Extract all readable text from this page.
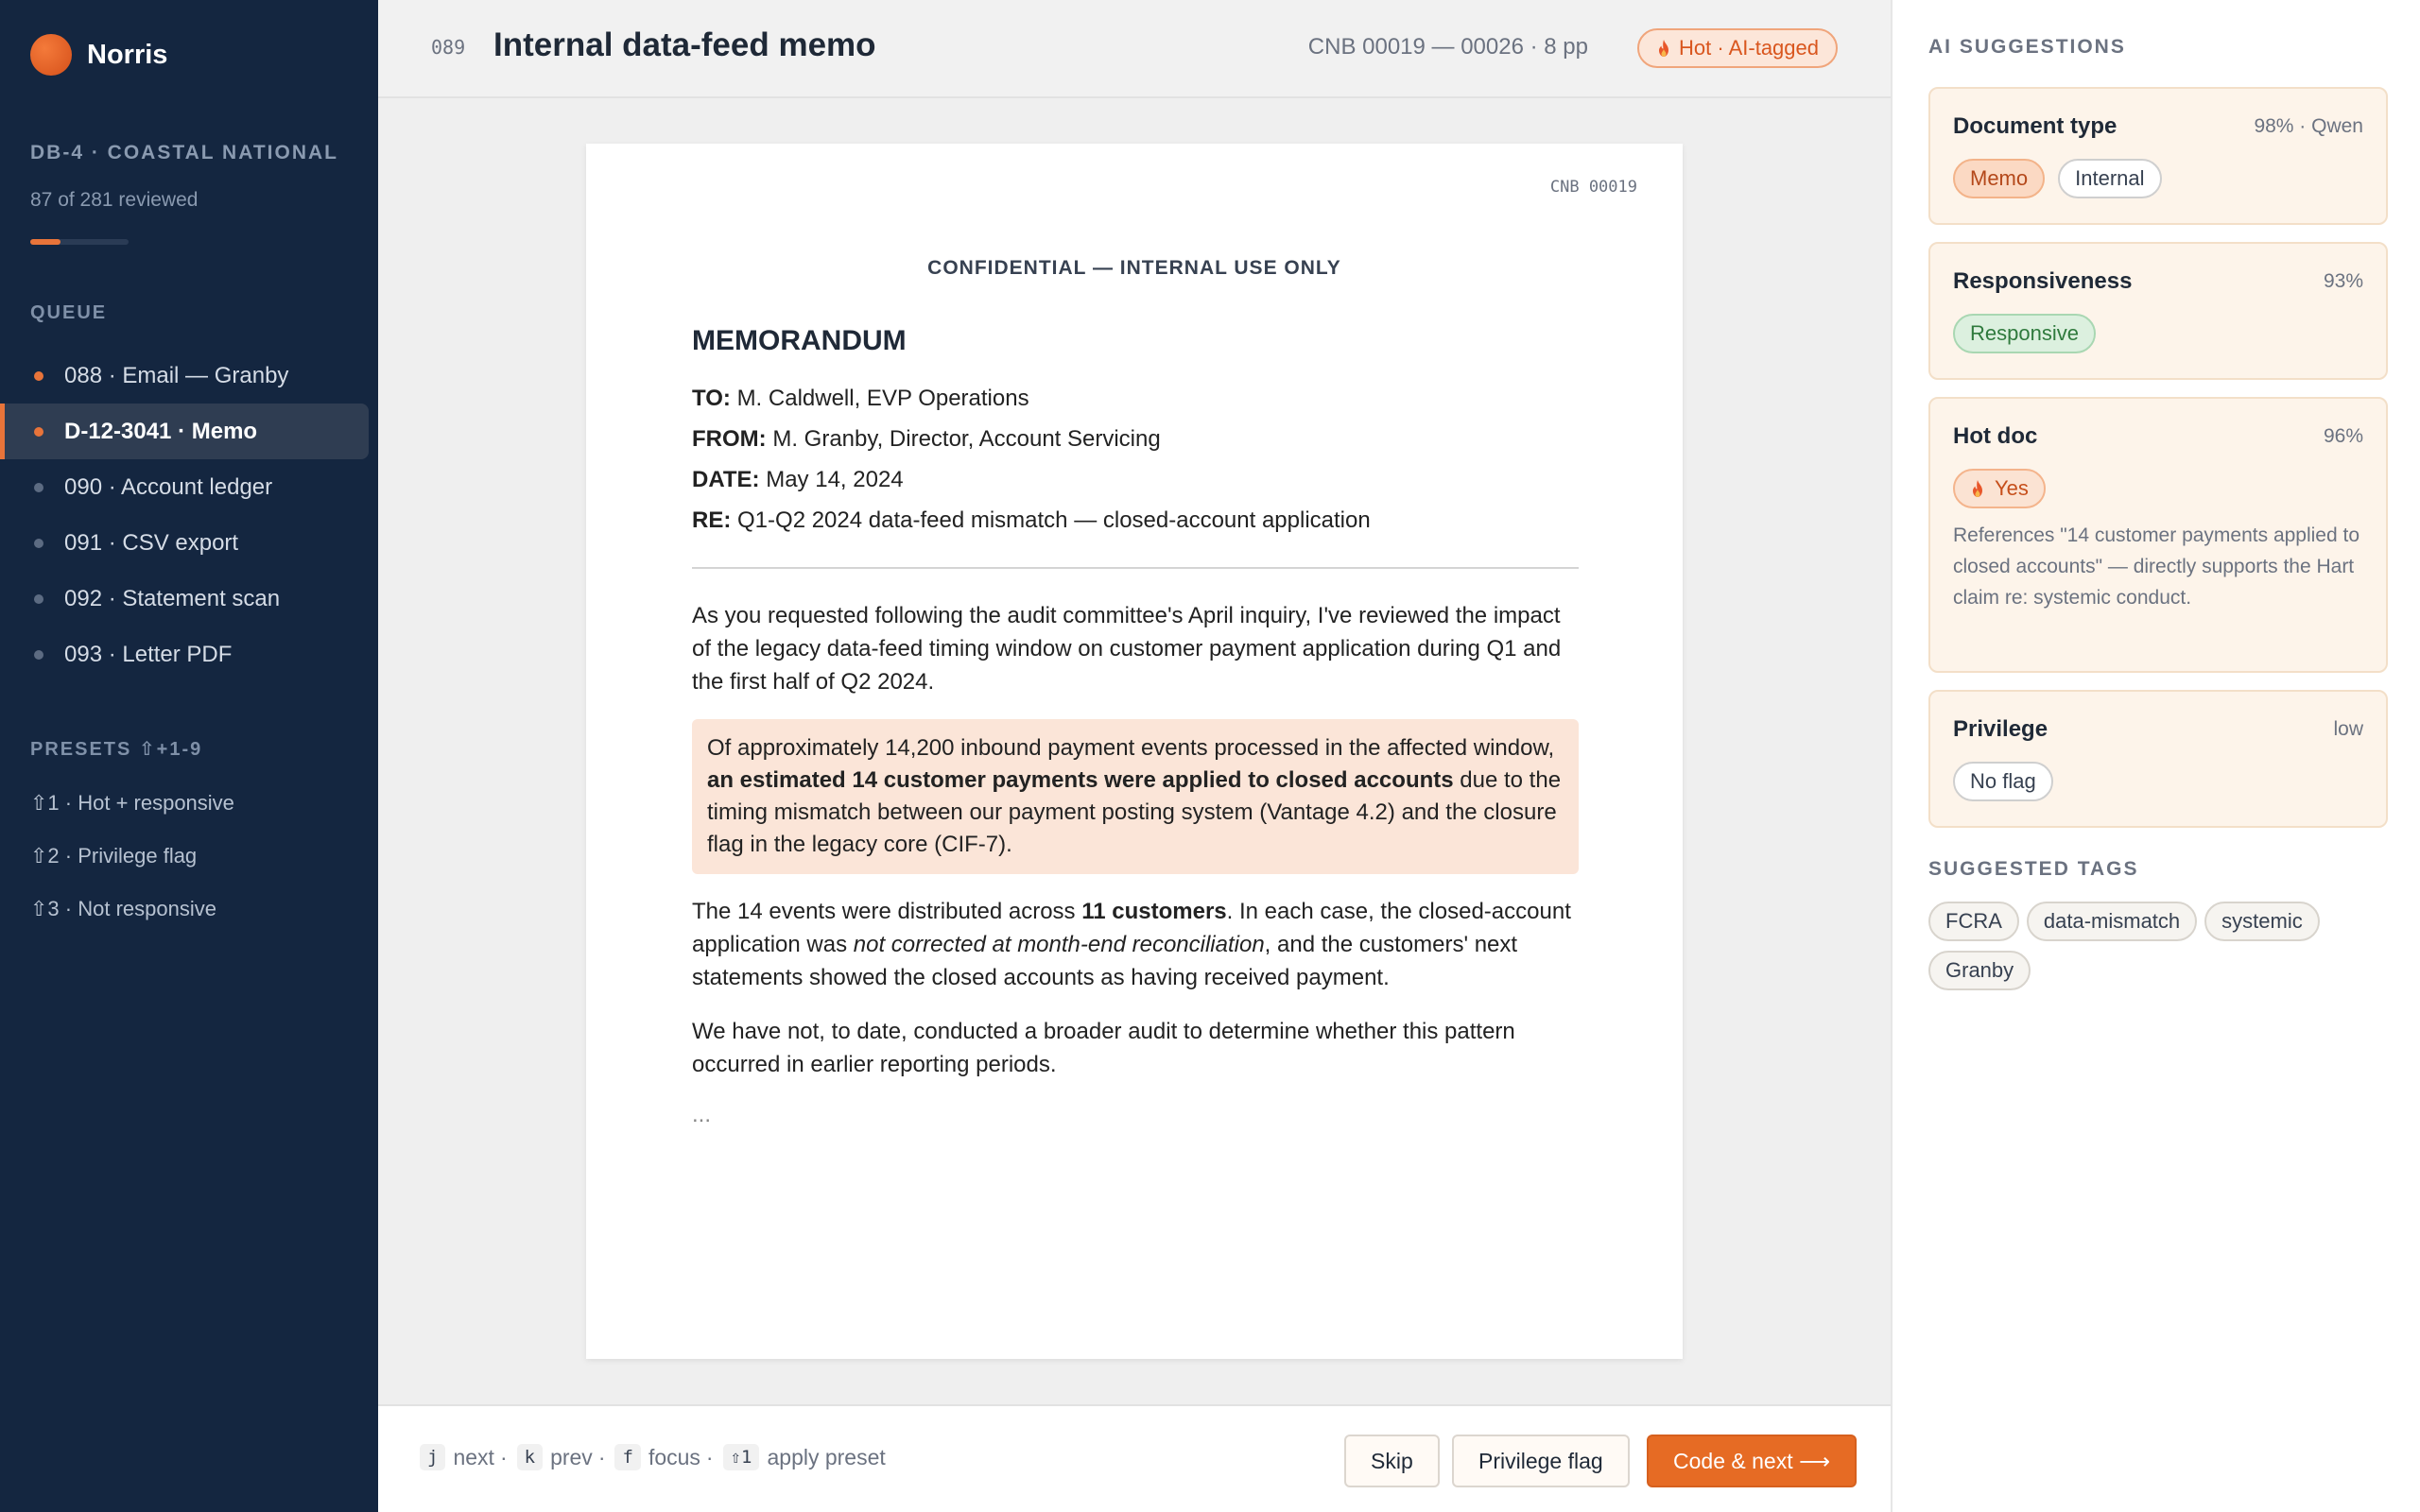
Norris
DB-4 · COASTAL NATIONAL
87 of 281 reviewed
QUEUE
088 · Email — Granby
D-12-3041 · Memo
090 · Account ledger
091 · CSV export
092 · Statement scan
093 · Letter PDF
PRESETS ⇧+1-9
⇧1 · Hot + responsive
⇧2 · Privilege flag
⇧3 · Not responsive
089 Internal data-feed memo	CNB 00019 — 00026 · 8 pp	Hot · AI-tagged
CNB 00019
CONFIDENTIAL — INTERNAL USE ONLY
MEMORANDUM
TO: M. Caldwell, EVP Operations
FROM: M. Granby, Director, Account Servicing
DATE: May 14, 2024
RE: Q1-Q2 2024 data-feed mismatch — closed-account application

As you requested following the audit committee's April inquiry, I've reviewed the impact of the legacy data-feed timing window on customer payment application during Q1 and the first half of Q2 2024.

Of approximately 14,200 inbound payment events processed in the affected window, an estimated 14 customer payments were applied to closed accounts due to the timing mismatch between our payment posting system (Vantage 4.2) and the closure flag in the legacy core (CIF-7).

The 14 events were distributed across 11 customers. In each case, the closed-account application was not corrected at month-end reconciliation, and the customers' next statements showed the closed accounts as having received payment.

We have not, to date, conducted a broader audit to determine whether this pattern occurred in earlier reporting periods.

...
j next · k prev · f focus · ⇧1 apply preset	Skip	Privilege flag	Code & next ⟶
AI SUGGESTIONS
Document type	98% · Qwen
Memo	Internal
Responsiveness	93%
Responsive
Hot doc	96%
Yes
References "14 customer payments applied to closed accounts" — directly supports the Hart claim re: systemic conduct.
Privilege	low
No flag
SUGGESTED TAGS
FCRA	data-mismatch	systemic
Granby
